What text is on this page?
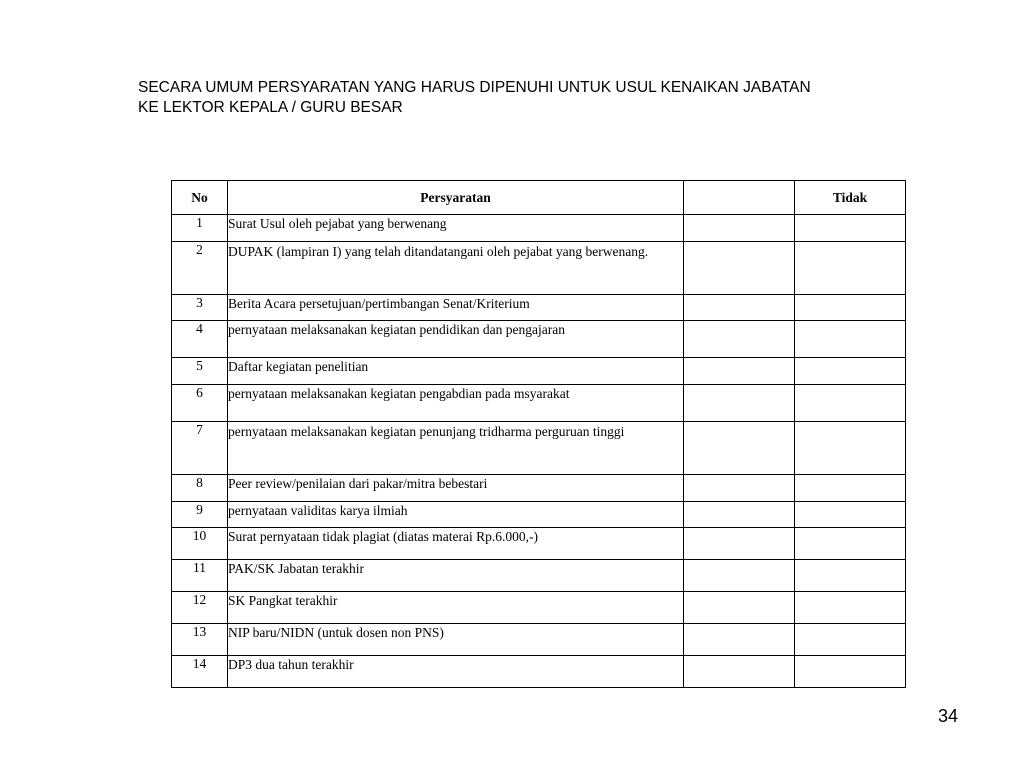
SECARA UMUM PERSYARATAN YANG HARUS DIPENUHI UNTUK USUL KENAIKAN JABATAN
KE LEKTOR KEPALA / GURU BESAR
No	Persyaratan		Tidak
1	Surat Usul oleh pejabat yang berwenang		
2	DUPAK (lampiran I) yang telah ditandatangani oleh pejabat yang berwenang.		
3	Berita Acara persetujuan/pertimbangan Senat/Kriterium		
4	pernyataan melaksanakan kegiatan pendidikan dan pengajaran		
5	Daftar kegiatan penelitian		
6	pernyataan melaksanakan kegiatan pengabdian pada msyarakat		
7	pernyataan melaksanakan kegiatan penunjang tridharma perguruan tinggi		
8	Peer review/penilaian dari pakar/mitra bebestari		
9	pernyataan validitas karya ilmiah		
10	Surat pernyataan tidak plagiat (diatas materai Rp.6.000,-)		
11	PAK/SK Jabatan terakhir		
12	SK Pangkat terakhir		
13	NIP baru/NIDN (untuk dosen non PNS)		
14	DP3 dua tahun terakhir		
34
